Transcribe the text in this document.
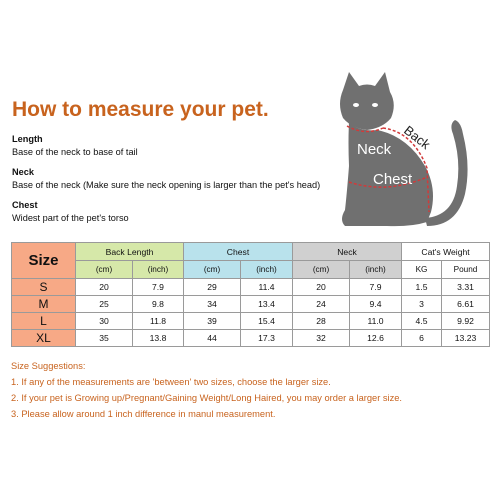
How to measure your pet.
Length
Base of the neck to base of tail
Neck
Base of the neck (Make sure the neck opening is larger than the pet's head)
Chest
Widest part of the pet's torso
Neck
Chest
Back
Size	Back Length		Chest		Neck		Cat's Weight	
	(cm)	(inch)	(cm)	(inch)	(cm)	(inch)	KG	Pound
S	20	7.9	29	11.4	20	7.9	1.5	3.31
M	25	9.8	34	13.4	24	9.4	3	6.61
L	30	11.8	39	15.4	28	11.0	4.5	9.92
XL	35	13.8	44	17.3	32	12.6	6	13.23
Size Suggestions:
1. If any of the measurements are 'between' two sizes, choose the larger size.
2. If your pet is Growing up/Pregnant/Gaining Weight/Long Haired, you may order a larger size.
3. Please allow around 1 inch difference in manul measurement.
